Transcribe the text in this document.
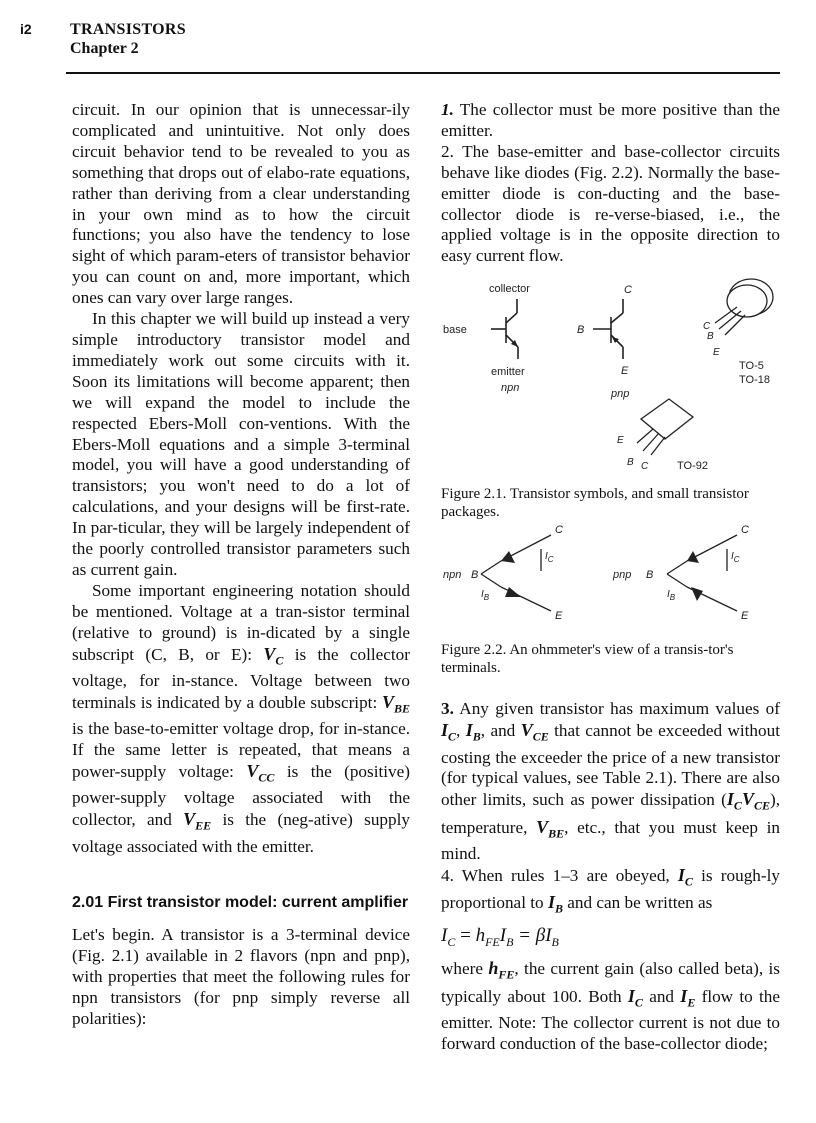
i2 TRANSISTORS
Chapter 2

circuit. In our opinion that is unnecessar-ily complicated and unintuitive. Not only does circuit behavior tend to be revealed to you as something that drops out of elabo-rate equations, rather than deriving from a clear understanding in your own mind as to how the circuit functions; you also have the tendency to lose sight of which param-eters of transistor behavior you can count on and, more important, which ones can vary over large ranges.

In this chapter we will build up instead a very simple introductory transistor model and immediately work out some circuits with it. Soon its limitations will become apparent; then we will expand the model to include the respected Ebers-Moll con-ventions. With the Ebers-Moll equations and a simple 3-terminal model, you will have a good understanding of transistors; you won't need to do a lot of calculations, and your designs will be first-rate. In par-ticular, they will be largely independent of the poorly controlled transistor parameters such as current gain.

Some important engineering notation should be mentioned. Voltage at a tran-sistor terminal (relative to ground) is in-dicated by a single subscript (C, B, or E): $V_C$ is the collector voltage, for in-stance. Voltage between two terminals is indicated by a double subscript: $V_{BE}$ is the base-to-emitter voltage drop, for in-stance. If the same letter is repeated, that means a power-supply voltage: $V_{CC}$ is the (positive) power-supply voltage associated with the collector, and $V_{EE}$ is the (neg-ative) supply voltage associated with the emitter.

2.01 First transistor model: current amplifier

Let's begin. A transistor is a 3-terminal device (Fig. 2.1) available in 2 flavors (npn and pnp), with properties that meet the following rules for npn transistors (for pnp simply reverse all polarities):

1. The collector must be more positive than the emitter.

2. The base-emitter and base-collector circuits behave like diodes (Fig. 2.2). Normally the base-emitter diode is con-ducting and the base-collector diode is re-verse-biased, i.e., the applied voltage is in the opposite direction to easy current flow.

collector
base
emitter
npn
C
B
E
pnp
C
B
E
TO-5
TO-18
E
B C	TO-92

Figure 2.1. Transistor symbols, and small transistor packages.

npn B
C
E
pnp B
C
E
$I_C$
$I_B$
$I_C$
$I_B$

Figure 2.2. An ohmmeter's view of a transis-tor's terminals.

3. Any given transistor has maximum values of $I_C$, $I_B$, and $V_{CE}$ that cannot be exceeded without costing the exceeder the price of a new transistor (for typical values, see Table 2.1). There are also other limits, such as power dissipation $(I_CV_{CE})$, temperature, $V_{BE}$, etc., that you must keep in mind.

4. When rules 1–3 are obeyed, $I_C$ is rough-ly proportional to $I_B$ and can be written as

$I_C = h_{FE}I_B = \beta I_B$

where $h_{FE}$, the current gain (also called beta), is typically about 100. Both $I_C$ and $I_E$ flow to the emitter. Note: The collector current is not due to forward conduction of the base-collector diode;
